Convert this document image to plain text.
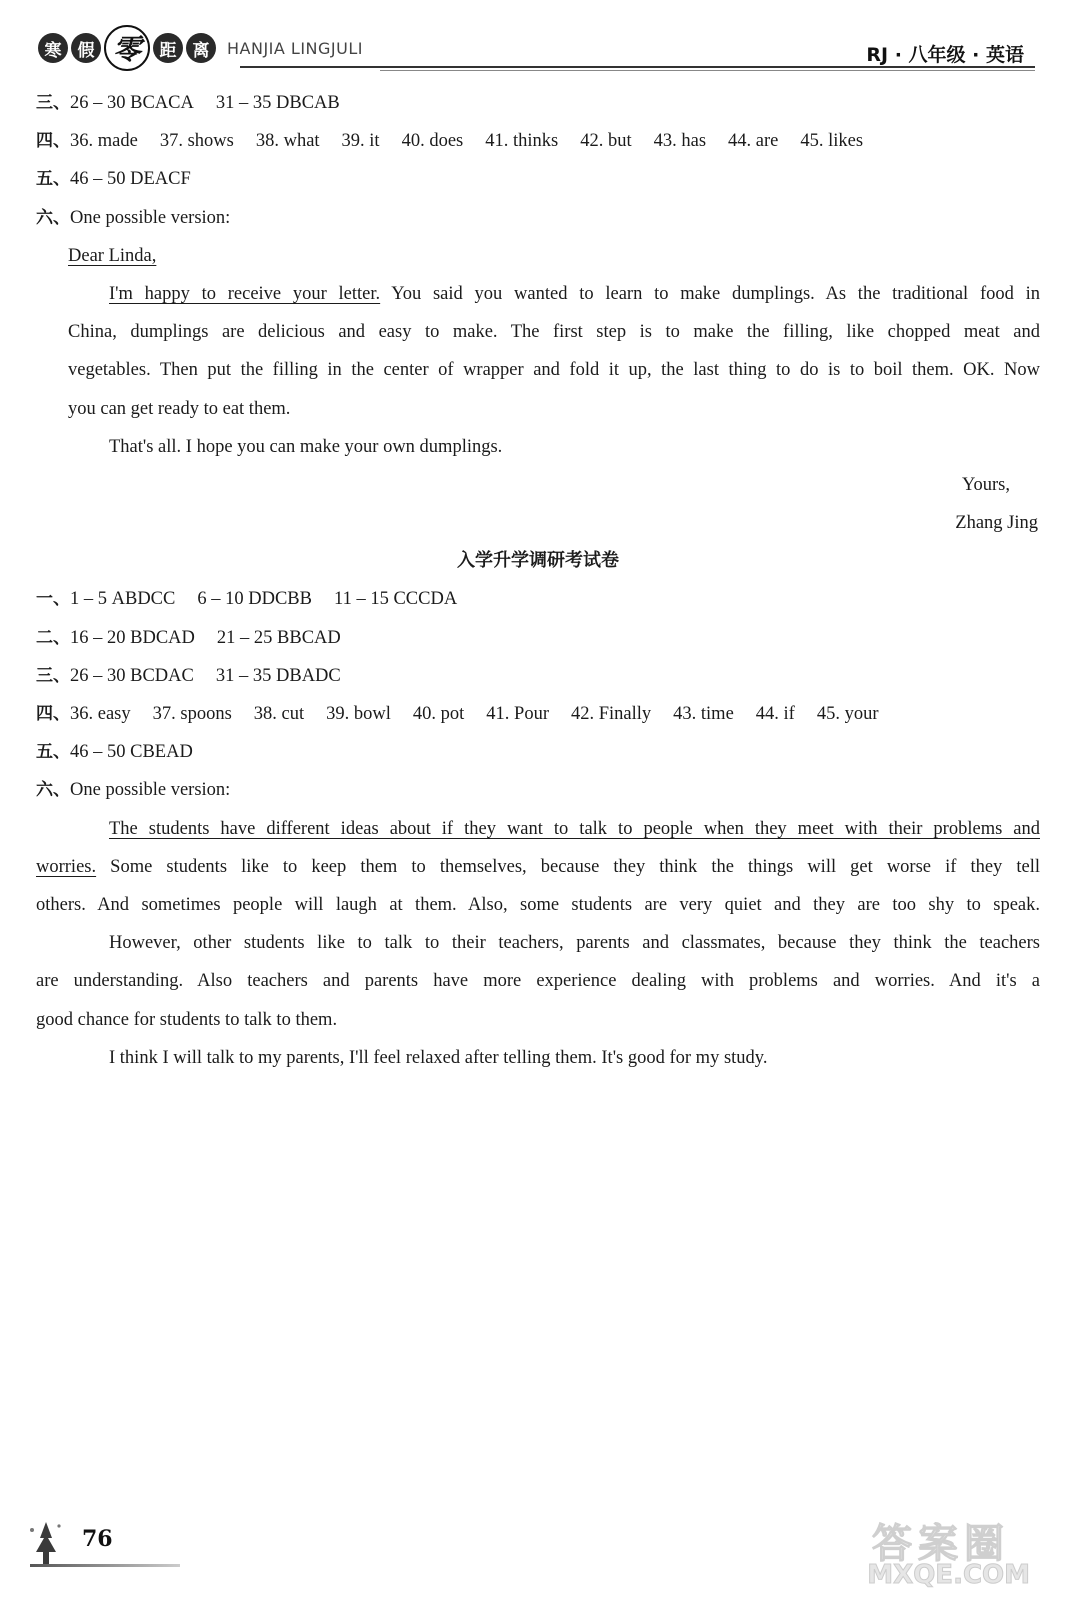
寒 假 零	距 离	HANJIA LINGJULI	RJ · 八年级 · 英语
三、26 – 30 BCACA 31 – 35 DBCAB
四、36. made 37. shows 38. what 39. it 40. does 41. thinks 42. but 43. has 44. are 45. likes
五、46 – 50 DEACF
六、One possible version:
Dear Linda,
I'm happy to receive your letter. You said you wanted to learn to make dumplings. As the traditional food in
China, dumplings are delicious and easy to make. The first step is to make the filling, like chopped meat and
vegetables. Then put the filling in the center of wrapper and fold it up, the last thing to do is to boil them. OK. Now
you can get ready to eat them.
That's all. I hope you can make your own dumplings.
Yours,
Zhang Jing
入学升学调研考试卷
一、1 – 5 ABDCC 6 – 10 DDCBB 11 – 15 CCCDA
二、16 – 20 BDCAD 21 – 25 BBCAD
三、26 – 30 BCDAC 31 – 35 DBADC
四、36. easy 37. spoons 38. cut 39. bowl 40. pot 41. Pour 42. Finally 43. time 44. if 45. your
五、46 – 50 CBEAD
六、One possible version:
The students have different ideas about if they want to talk to people when they meet with their problems and
worries. Some students like to keep them to themselves, because they think the things will get worse if they tell
others. And sometimes people will laugh at them. Also, some students are very quiet and they are too shy to speak.
However, other students like to talk to their teachers, parents and classmates, because they think the teachers
are understanding. Also teachers and parents have more experience dealing with problems and worries. And it's a
good chance for students to talk to them.
I think I will talk to my parents, I'll feel relaxed after telling them. It's good for my study.
76	答案圈
MXQE.COM
